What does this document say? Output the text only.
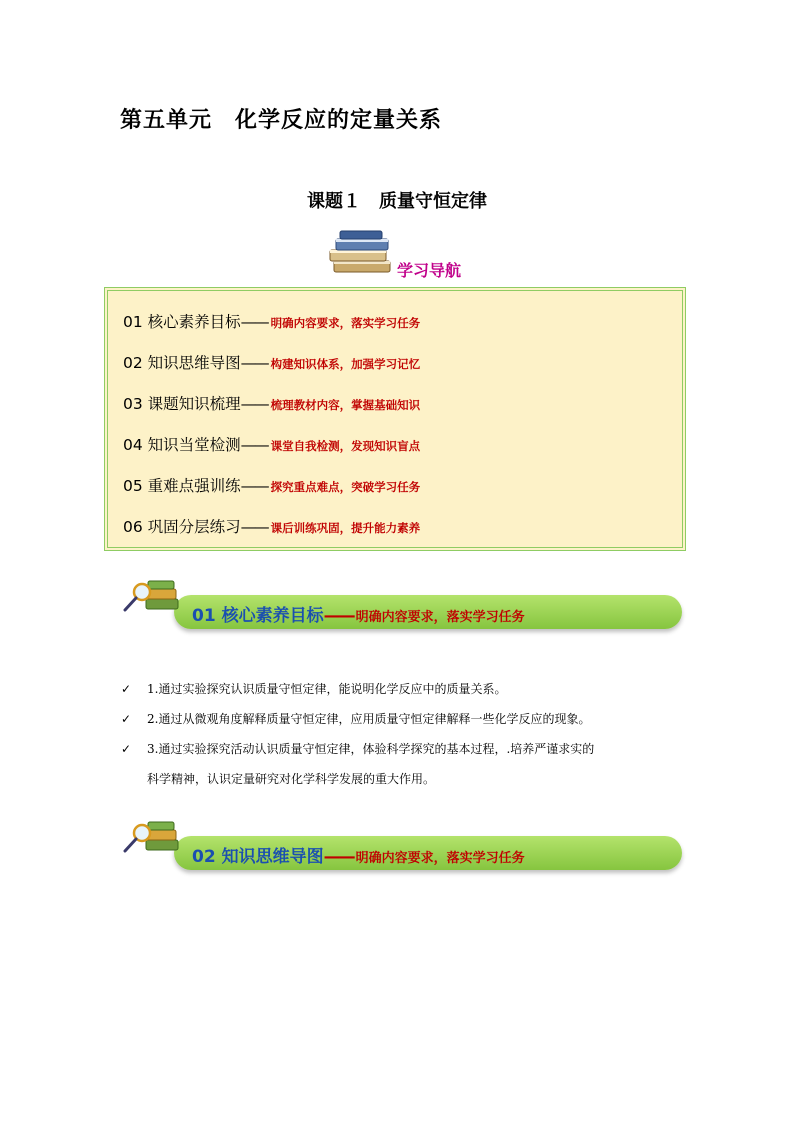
第五单元　化学反应的定量关系
课题１　质量守恒定律
学习导航
01 核心素养目标—— 明确内容要求，落实学习任务
02 知识思维导图—— 构建知识体系，加强学习记忆
03 课题知识梳理—— 梳理教材内容，掌握基础知识
04 知识当堂检测—— 课堂自我检测，发现知识盲点
05 重难点强训练—— 探究重点难点，突破学习任务
06 巩固分层练习—— 课后训练巩固，提升能力素养
01 核心素养目标—— 明确内容要求，落实学习任务
✓ 1.通过实验探究认识质量守恒定律，能说明化学反应中的质量关系。
✓ 2.通过从微观角度解释质量守恒定律，应用质量守恒定律解释一些化学反应的现象。
✓ 3.通过实验探究活动认识质量守恒定律，体验科学探究的基本过程，.培养严谨求实的
科学精神，认识定量研究对化学科学发展的重大作用。
02 知识思维导图—— 明确内容要求，落实学习任务
